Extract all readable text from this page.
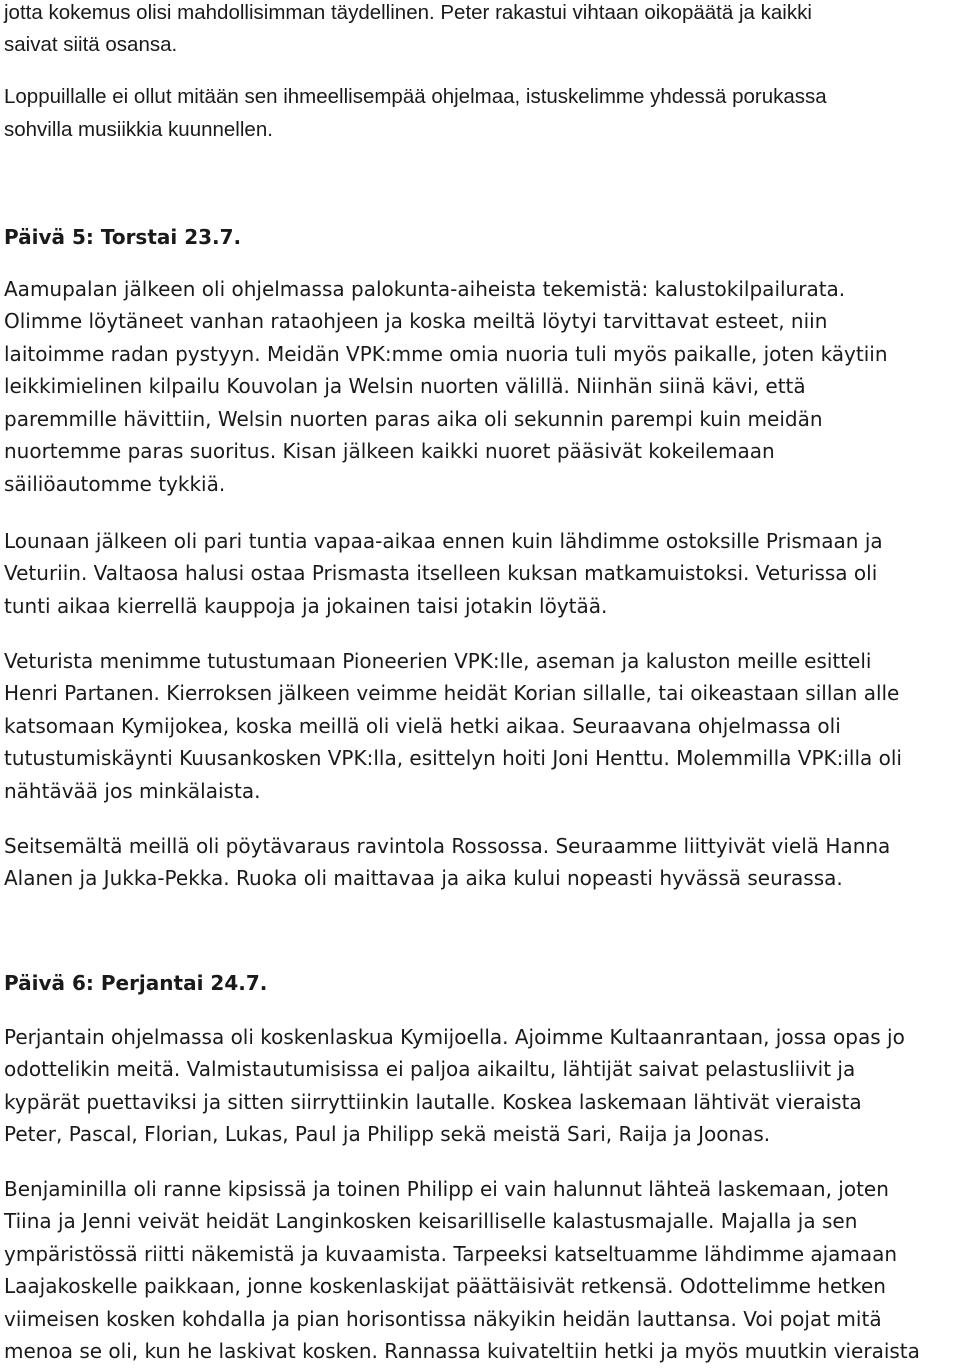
jotta kokemus olisi mahdollisimman täydellinen. Peter rakastui vihtaan oikopäätä ja kaikki
saivat siitä osansa.
Loppuillalle ei ollut mitään sen ihmeellisempää ohjelmaa, istuskelimme yhdessä porukassa
sohvilla musiikkia kuunnellen.
Päivä 5: Torstai 23.7.
Aamupalan jälkeen oli ohjelmassa palokunta-aiheista tekemistä: kalustokilpailurata.
Olimme löytäneet vanhan rataohjeen ja koska meiltä löytyi tarvittavat esteet, niin
laitoimme radan pystyyn. Meidän VPK:mme omia nuoria tuli myös paikalle, joten käytiin
leikkimielinen kilpailu Kouvolan ja Welsin nuorten välillä. Niinhän siinä kävi, että
paremmille hävittiin, Welsin nuorten paras aika oli sekunnin parempi kuin meidän
nuortemme paras suoritus. Kisan jälkeen kaikki nuoret pääsivät kokeilemaan
säiliöautomme tykkiä.
Lounaan jälkeen oli pari tuntia vapaa-aikaa ennen kuin lähdimme ostoksille Prismaan ja
Veturiin. Valtaosa halusi ostaa Prismasta itselleen kuksan matkamuistoksi. Veturissa oli
tunti aikaa kierrellä kauppoja ja jokainen taisi jotakin löytää.
Veturista menimme tutustumaan Pioneerien VPK:lle, aseman ja kaluston meille esitteli
Henri Partanen. Kierroksen jälkeen veimme heidät Korian sillalle, tai oikeastaan sillan alle
katsomaan Kymijokea, koska meillä oli vielä hetki aikaa. Seuraavana ohjelmassa oli
tutustumiskäynti Kuusankosken VPK:lla, esittelyn hoiti Joni Henttu. Molemmilla VPK:illa oli
nähtävää jos minkälaista.
Seitsemältä meillä oli pöytävaraus ravintola Rossossa. Seuraamme liittyivät vielä Hanna
Alanen ja Jukka-Pekka. Ruoka oli maittavaa ja aika kului nopeasti hyvässä seurassa.
Päivä 6: Perjantai 24.7.
Perjantain ohjelmassa oli koskenlaskua Kymijoella. Ajoimme Kultaanrantaan, jossa opas jo
odottelikin meitä. Valmistautumisissa ei paljoa aikailtu, lähtijät saivat pelastusliivit ja
kypärät puettaviksi ja sitten siirryttiinkin lautalle. Koskea laskemaan lähtivät vieraista
Peter, Pascal, Florian, Lukas, Paul ja Philipp sekä meistä Sari, Raija ja Joonas.
Benjaminilla oli ranne kipsissä ja toinen Philipp ei vain halunnut lähteä laskemaan, joten
Tiina ja Jenni veivät heidät Langinkosken keisarilliselle kalastusmajalle. Majalla ja sen
ympäristössä riitti näkemistä ja kuvaamista. Tarpeeksi katseltuamme lähdimme ajamaan
Laajakoskelle paikkaan, jonne koskenlaskijat päättäisivät retkensä. Odottelimme hetken
viimeisen kosken kohdalla ja pian horisontissa näkyikin heidän lauttansa. Voi pojat mitä
menoa se oli, kun he laskivat kosken. Rannassa kuivateltiin hetki ja myös muutkin vieraista
